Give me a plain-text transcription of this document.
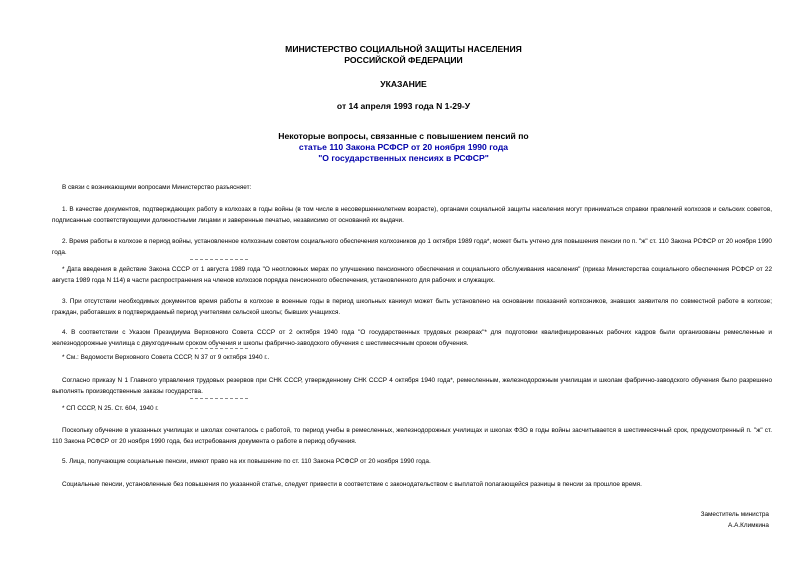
МИНИСТЕРСТВО СОЦИАЛЬНОЙ ЗАЩИТЫ НАСЕЛЕНИЯ
РОССИЙСКОЙ ФЕДЕРАЦИИ
УКАЗАНИЕ
от 14 апреля 1993 года N 1-29-У
Некоторые вопросы, связанные с повышением пенсий по
статье 110 Закона РСФСР от 20 ноября 1990 года
"О государственных пенсиях в РСФСР"
В связи с возникающими вопросами Министерство разъясняет:
1. В качестве документов, подтверждающих работу в колхозах в годы войны (в том числе в несовершеннолетнем возрасте), органами социальной защиты населения могут приниматься справки правлений колхозов и сельских советов, подписанные соответствующими должностными лицами и заверенные печатью, независимо от оснований их выдачи.
2. Время работы в колхозе в период войны, установленное колхозным советом социального обеспечения колхозников до 1 октября 1989 года*, может быть учтено для повышения пенсии по п. "ж" ст. 110 Закона РСФСР от 20 ноября 1990 года.
* Дата введения в действие Закона СССР от 1 августа 1989 года "О неотложных мерах по улучшению пенсионного обеспечения и социального обслуживания населения" (приказ Министерства социального обеспечения РСФСР от 22 августа 1989 года N 114) в части распространения на членов колхозов порядка пенсионного обеспечения, установленного для рабочих и служащих.
3. При отсутствии необходимых документов время работы в колхозе в военные годы в период школьных каникул может быть установлено на основании показаний колхозников, знавших заявителя по совместной работе в колхозе; граждан, работавших в подтверждаемый период учителями сельской школы; бывших учащихся.
4. В соответствии с Указом Президиума Верховного Совета СССР от 2 октября 1940 года "О государственных трудовых резервах"* для подготовки квалифицированных рабочих кадров были организованы ремесленные и железнодорожные училища с двухгодичным сроком обучения и школы фабрично-заводского обучения с шестимесячным сроком обучения.
* См.: Ведомости Верховного Совета СССР, N 37 от 9 октября 1940 г..
Согласно приказу N 1 Главного управления трудовых резервов при СНК СССР, утвержденному СНК СССР 4 октября 1940 года*, ремесленным, железнодорожным училищам и школам фабрично-заводского обучения было разрешено выполнять производственные заказы государства.
* СП СССР, N 25. Ст. 604, 1940 г.
Поскольку обучение в указанных училищах и школах сочеталось с работой, то период учебы в ремесленных, железнодорожных училищах и школах ФЗО в годы войны засчитывается в шестимесячный срок, предусмотренный п. "ж" ст. 110 Закона РСФСР от 20 ноября 1990 года, без истребования документа о работе в период обучения.
5. Лица, получающие социальные пенсии, имеют право на их повышение по ст. 110 Закона РСФСР от 20 ноября 1990 года.
Социальные пенсии, установленные без повышения по указанной статье, следует привести в соответствие с законодательством с выплатой полагающейся разницы в пенсии за прошлое время.
Заместитель министра
А.А.Климкина
